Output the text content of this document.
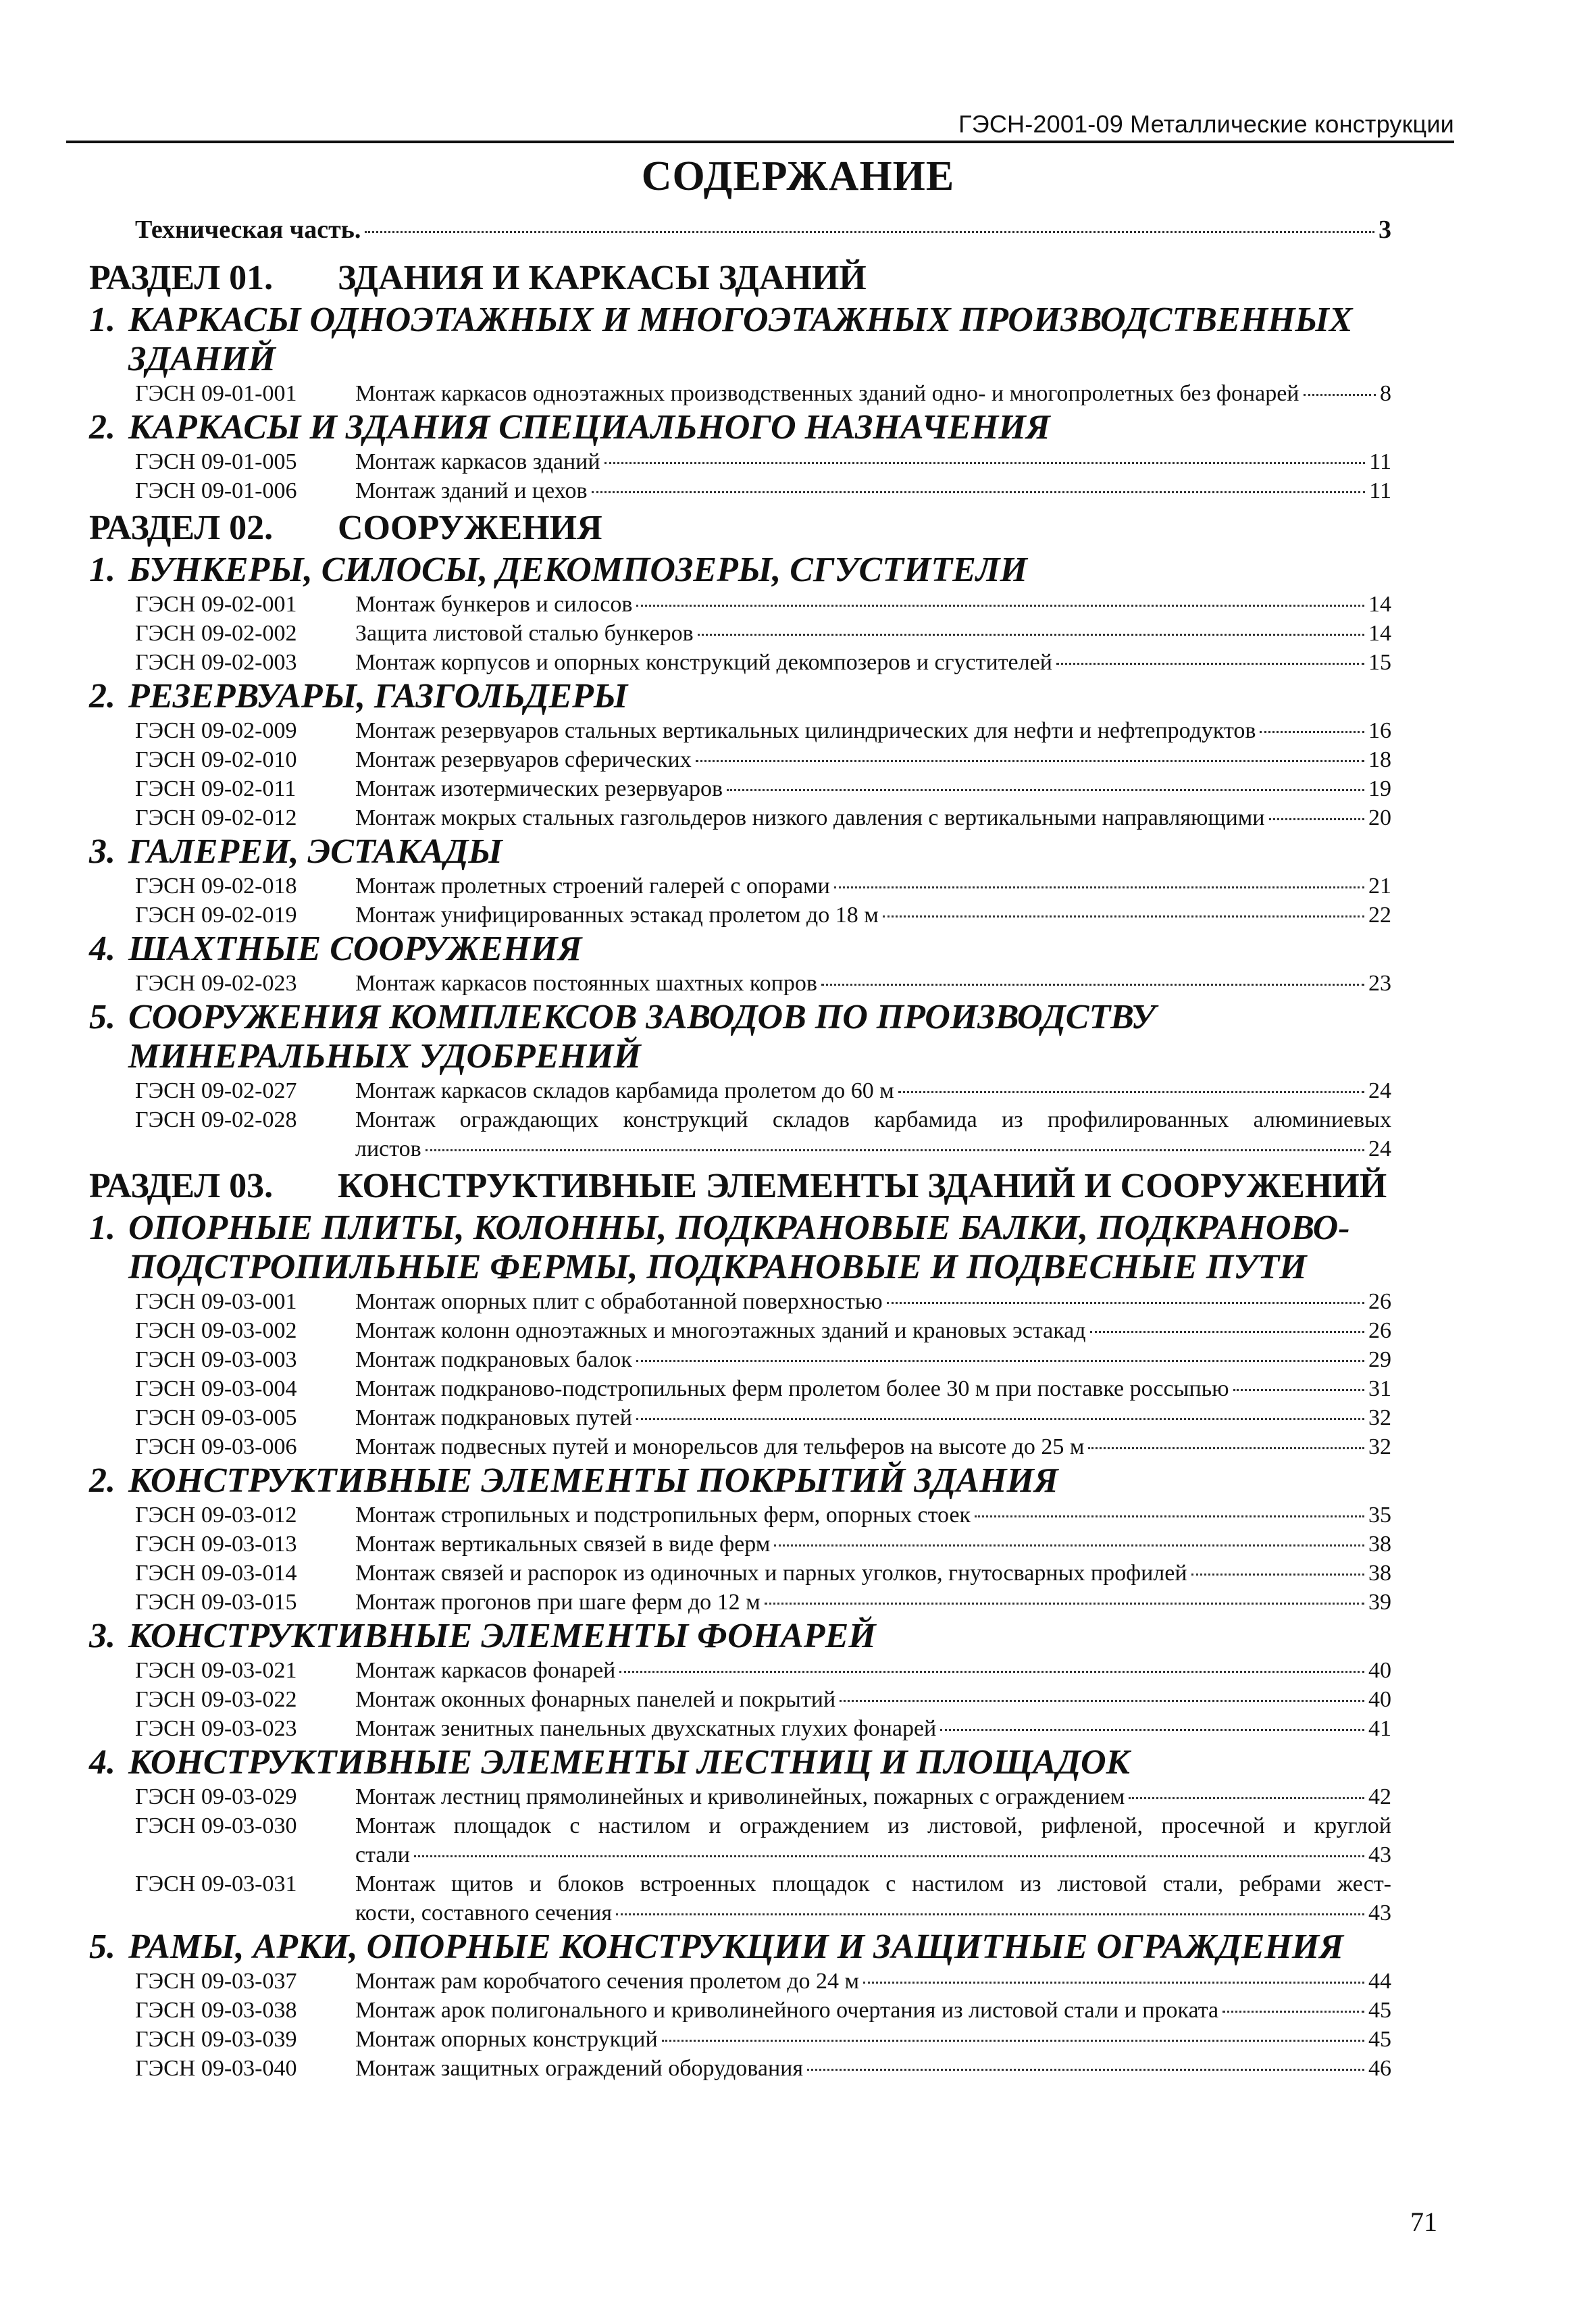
ГЭСН-2001-09 Металлические конструкции
СОДЕРЖАНИЕ
Техническая часть.	3
РАЗДЕЛ 01.	ЗДАНИЯ И КАРКАСЫ ЗДАНИЙ
1. КАРКАСЫ ОДНОЭТАЖНЫХ И МНОГОЭТАЖНЫХ ПРОИЗВОДСТВЕННЫХ ЗДАНИЙ
ГЭСН 09-01-001	Монтаж каркасов одноэтажных производственных зданий одно- и многопролетных без фонарей	8
2. КАРКАСЫ И ЗДАНИЯ СПЕЦИАЛЬНОГО НАЗНАЧЕНИЯ
ГЭСН 09-01-005	Монтаж каркасов зданий	11
ГЭСН 09-01-006	Монтаж зданий и цехов	11
РАЗДЕЛ 02.	СООРУЖЕНИЯ
1. БУНКЕРЫ, СИЛОСЫ, ДЕКОМПОЗЕРЫ, СГУСТИТЕЛИ
ГЭСН 09-02-001	Монтаж бункеров и силосов	14
ГЭСН 09-02-002	Защита листовой сталью бункеров	14
ГЭСН 09-02-003	Монтаж корпусов и опорных конструкций декомпозеров и сгустителей	15
2. РЕЗЕРВУАРЫ, ГАЗГОЛЬДЕРЫ
ГЭСН 09-02-009	Монтаж резервуаров стальных вертикальных цилиндрических для нефти и нефтепродуктов	16
ГЭСН 09-02-010	Монтаж резервуаров сферических	18
ГЭСН 09-02-011	Монтаж изотермических резервуаров	19
ГЭСН 09-02-012	Монтаж мокрых стальных газгольдеров низкого давления с вертикальными направляющими	20
3. ГАЛЕРЕИ, ЭСТАКАДЫ
ГЭСН 09-02-018	Монтаж пролетных строений галерей с опорами	21
ГЭСН 09-02-019	Монтаж унифицированных эстакад пролетом до 18 м	22
4. ШАХТНЫЕ СООРУЖЕНИЯ
ГЭСН 09-02-023	Монтаж каркасов постоянных шахтных копров	23
5. СООРУЖЕНИЯ КОМПЛЕКСОВ ЗАВОДОВ ПО ПРОИЗВОДСТВУ МИНЕРАЛЬНЫХ УДОБРЕНИЙ
ГЭСН 09-02-027	Монтаж каркасов складов карбамида пролетом до 60 м	24
ГЭСН 09-02-028	Монтаж ограждающих конструкций складов карбамида из профилированных алюминиевых
листов	24
РАЗДЕЛ 03.	КОНСТРУКТИВНЫЕ ЭЛЕМЕНТЫ ЗДАНИЙ И СООРУЖЕНИЙ
1. ОПОРНЫЕ ПЛИТЫ, КОЛОННЫ, ПОДКРАНОВЫЕ БАЛКИ, ПОДКРАНОВО-ПОДСТРОПИЛЬНЫЕ ФЕРМЫ, ПОДКРАНОВЫЕ И ПОДВЕСНЫЕ ПУТИ
ГЭСН 09-03-001	Монтаж опорных плит с обработанной поверхностью	26
ГЭСН 09-03-002	Монтаж колонн одноэтажных и многоэтажных зданий и крановых эстакад	26
ГЭСН 09-03-003	Монтаж подкрановых балок	29
ГЭСН 09-03-004	Монтаж подкраново-подстропильных ферм пролетом более 30 м при поставке россыпью	31
ГЭСН 09-03-005	Монтаж подкрановых путей	32
ГЭСН 09-03-006	Монтаж подвесных путей и монорельсов для тельферов на высоте до 25 м	32
2. КОНСТРУКТИВНЫЕ ЭЛЕМЕНТЫ ПОКРЫТИЙ ЗДАНИЯ
ГЭСН 09-03-012	Монтаж стропильных и подстропильных ферм, опорных стоек	35
ГЭСН 09-03-013	Монтаж вертикальных связей в виде ферм	38
ГЭСН 09-03-014	Монтаж связей и распорок из одиночных и парных уголков, гнутосварных профилей	38
ГЭСН 09-03-015	Монтаж прогонов при шаге ферм до 12 м	39
3. КОНСТРУКТИВНЫЕ ЭЛЕМЕНТЫ ФОНАРЕЙ
ГЭСН 09-03-021	Монтаж каркасов фонарей	40
ГЭСН 09-03-022	Монтаж оконных фонарных панелей и покрытий	40
ГЭСН 09-03-023	Монтаж зенитных панельных двухскатных глухих фонарей	41
4. КОНСТРУКТИВНЫЕ ЭЛЕМЕНТЫ ЛЕСТНИЦ И ПЛОЩАДОК
ГЭСН 09-03-029	Монтаж лестниц прямолинейных и криволинейных, пожарных с ограждением	42
ГЭСН 09-03-030	Монтаж площадок с настилом и ограждением из листовой, рифленой, просечной и круглой
стали	43
ГЭСН 09-03-031	Монтаж щитов и блоков встроенных площадок с настилом из листовой стали, ребрами жест-
кости, составного сечения	43
5. РАМЫ, АРКИ, ОПОРНЫЕ КОНСТРУКЦИИ И ЗАЩИТНЫЕ ОГРАЖДЕНИЯ
ГЭСН 09-03-037	Монтаж рам коробчатого сечения пролетом до 24 м	44
ГЭСН 09-03-038	Монтаж арок полигонального и криволинейного очертания из листовой стали и проката	45
ГЭСН 09-03-039	Монтаж опорных конструкций	45
ГЭСН 09-03-040	Монтаж защитных ограждений оборудования	46
71
